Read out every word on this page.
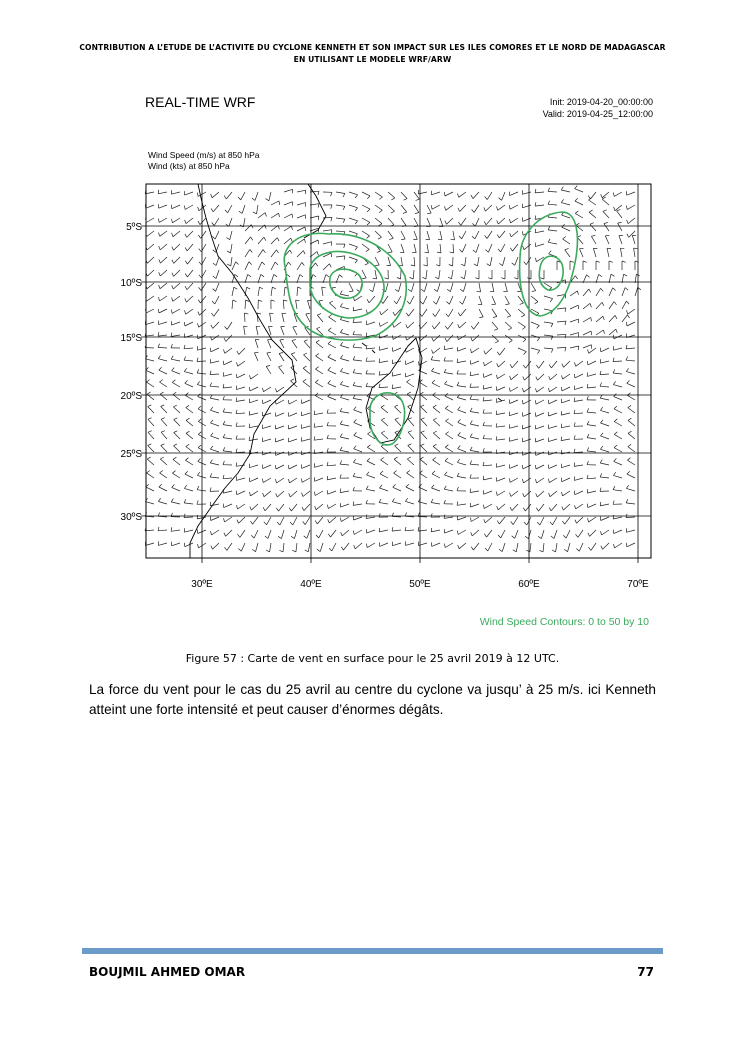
CONTRIBUTION A L’ETUDE DE L’ACTIVITE DU CYCLONE KENNETH ET SON IMPACT SUR LES ILES COMORES ET LE NORD DE MADAGASCAR
EN UTILISANT LE MODELE WRF/ARW
REAL-TIME WRF	Init: 2019-04-20_00:00:00
Valid: 2019-04-25_12:00:00
Wind Speed (m/s) at 850 hPa
Wind (kts) at 850 hPa
5ºS
10ºS
15ºS
20ºS
25ºS
30ºS
30ºE	40ºE	50ºE	60ºE	70ºE
Wind Speed Contours: 0 to 50 by 10
Figure 57 : Carte de vent en surface pour le 25 avril 2019 à 12 UTC.
La force du vent pour le cas du 25 avril au centre du cyclone va jusqu’ à 25 m/s. ici Kenneth atteint une forte intensité et peut causer d’énormes dégâts.
BOUJMIL AHMED OMAR	77
